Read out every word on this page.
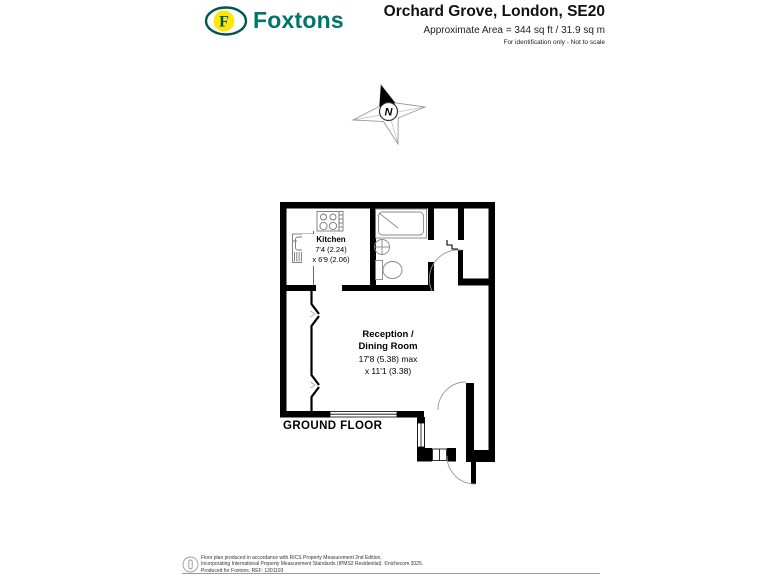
F Foxtons	Orchard Grove, London, SE20
Approximate Area = 344 sq ft / 31.9 sq m
For identification only - Not to scale
N
Kitchen
7'4 (2.24)
x 6'9 (2.06)
Reception /
Dining Room
17'8 (5.38) max
x 11'1 (3.38)
GROUND FLOOR
Floor plan produced in accordance with RICS Property Measurement 2nd Edition,
Incorporating International Property Measurement Standards (IPMS2 Residential). ©nichecom 2025.
Produced for Foxtons. REF: 1301193
